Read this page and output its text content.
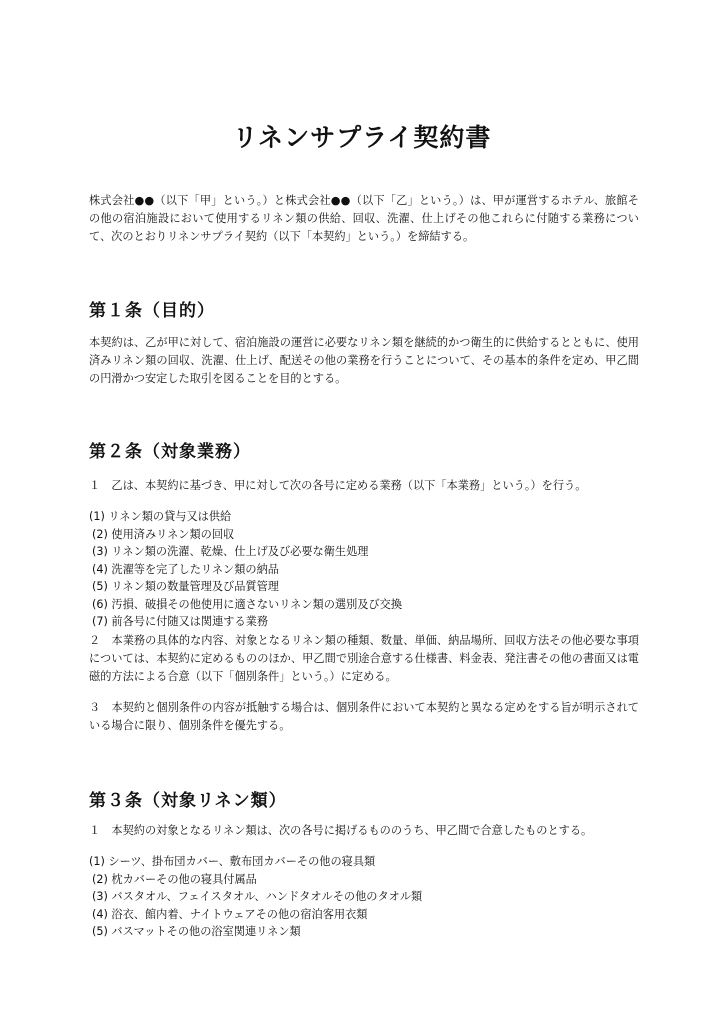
リネンサプライ契約書

株式会社●●（以下「甲」という。）と株式会社●●（以下「乙」という。）は、甲が運営するホテル、旅館その他の宿泊施設において使用するリネン類の供給、回収、洗濯、仕上げその他これらに付随する業務について、次のとおりリネンサプライ契約（以下「本契約」という。）を締結する。

第１条（目的）

本契約は、乙が甲に対して、宿泊施設の運営に必要なリネン類を継続的かつ衛生的に供給するとともに、使用済みリネン類の回収、洗濯、仕上げ、配送その他の業務を行うことについて、その基本的条件を定め、甲乙間の円滑かつ安定した取引を図ることを目的とする。

第２条（対象業務）

１　乙は、本契約に基づき、甲に対して次の各号に定める業務（以下「本業務」という。）を行う。

(1) リネン類の貸与又は供給
(2) 使用済みリネン類の回収
(3) リネン類の洗濯、乾燥、仕上げ及び必要な衛生処理
(4) 洗濯等を完了したリネン類の納品
(5) リネン類の数量管理及び品質管理
(6) 汚損、破損その他使用に適さないリネン類の選別及び交換
(7) 前各号に付随又は関連する業務

２　本業務の具体的な内容、対象となるリネン類の種類、数量、単価、納品場所、回収方法その他必要な事項については、本契約に定めるもののほか、甲乙間で別途合意する仕様書、料金表、発注書その他の書面又は電磁的方法による合意（以下「個別条件」という。）に定める。

３　本契約と個別条件の内容が抵触する場合は、個別条件において本契約と異なる定めをする旨が明示されている場合に限り、個別条件を優先する。

第３条（対象リネン類）

１　本契約の対象となるリネン類は、次の各号に掲げるもののうち、甲乙間で合意したものとする。

(1) シーツ、掛布団カバー、敷布団カバーその他の寝具類
(2) 枕カバーその他の寝具付属品
(3) バスタオル、フェイスタオル、ハンドタオルその他のタオル類
(4) 浴衣、館内着、ナイトウェアその他の宿泊客用衣類
(5) バスマットその他の浴室関連リネン類
